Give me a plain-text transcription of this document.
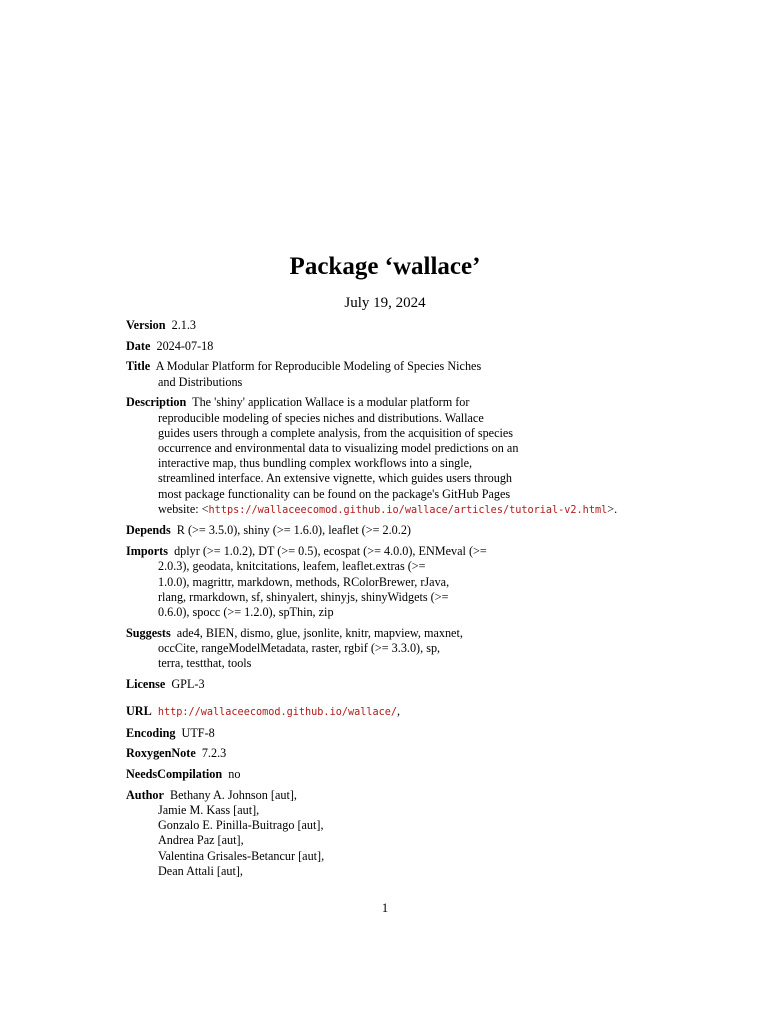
Package ‘wallace’
July 19, 2024
Version 2.1.3
Date 2024-07-18
Title A Modular Platform for Reproducible Modeling of Species Niches
and Distributions
Description The 'shiny' application Wallace is a modular platform for
reproducible modeling of species niches and distributions. Wallace
guides users through a complete analysis, from the acquisition of species
occurrence and environmental data to visualizing model predictions on an
interactive map, thus bundling complex workflows into a single,
streamlined interface. An extensive vignette, which guides users through
most package functionality can be found on the package's GitHub Pages
website: <https://wallaceecomod.github.io/wallace/articles/tutorial-v2.html>.
Depends R (>= 3.5.0), shiny (>= 1.6.0), leaflet (>= 2.0.2)
Imports dplyr (>= 1.0.2), DT (>= 0.5), ecospat (>= 4.0.0), ENMeval (>=
2.0.3), geodata, knitcitations, leafem, leaflet.extras (>=
1.0.0), magrittr, markdown, methods, RColorBrewer, rJava,
rlang, rmarkdown, sf, shinyalert, shinyjs, shinyWidgets (>=
0.6.0), spocc (>= 1.2.0), spThin, zip
Suggests ade4, BIEN, dismo, glue, jsonlite, knitr, mapview, maxnet,
occCite, rangeModelMetadata, raster, rgbif (>= 3.3.0), sp,
terra, testthat, tools
License GPL-3
URL http://wallaceecomod.github.io/wallace/,
Encoding UTF-8
RoxygenNote 7.2.3
NeedsCompilation no
Author Bethany A. Johnson [aut],
Jamie M. Kass [aut],
Gonzalo E. Pinilla-Buitrago [aut],
Andrea Paz [aut],
Valentina Grisales-Betancur [aut],
Dean Attali [aut],
1
